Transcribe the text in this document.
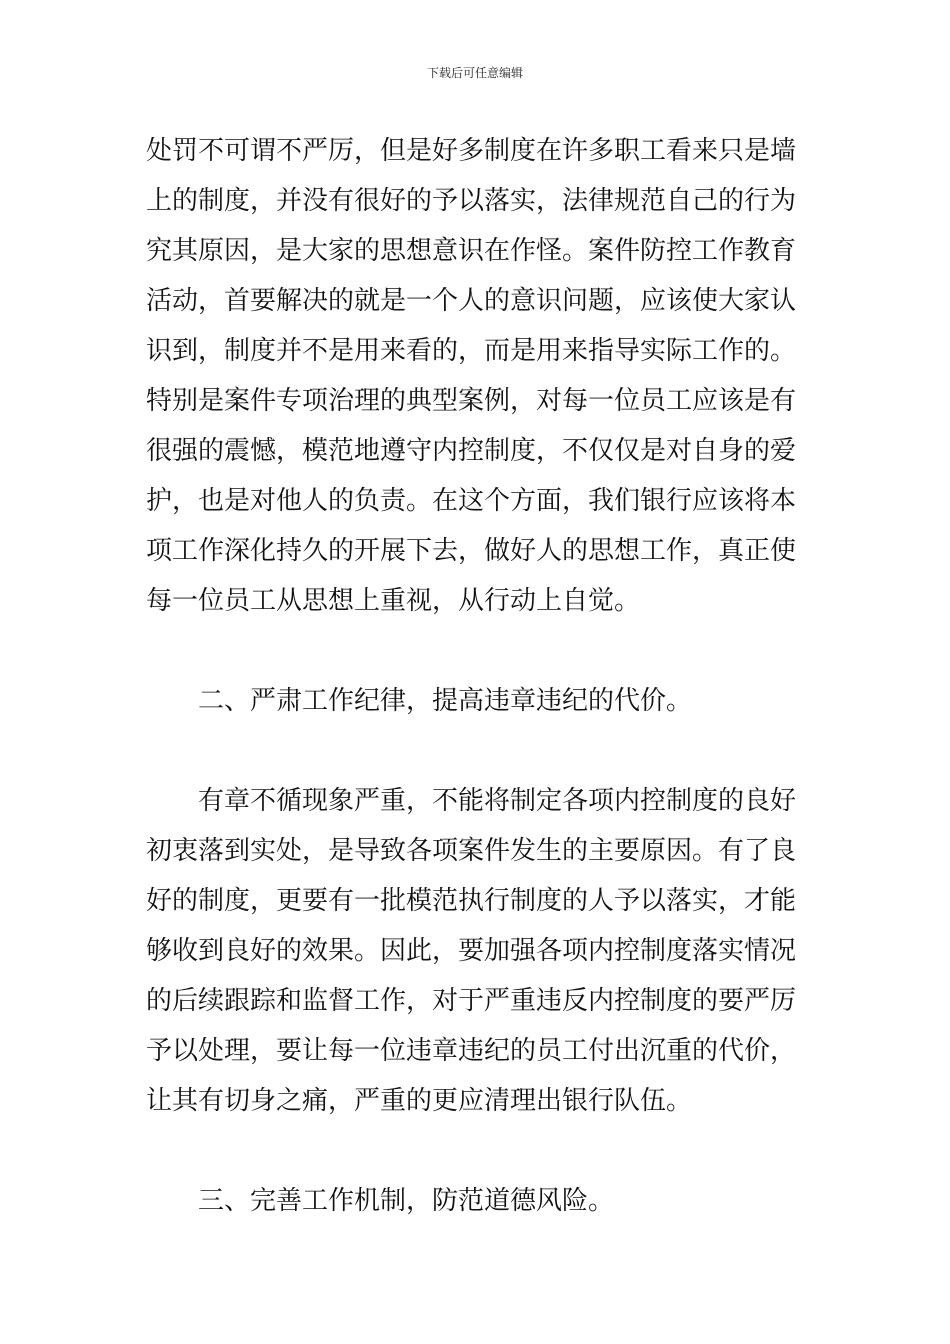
下载后可任意编辑
处罚不可谓不严厉，但是好多制度在许多职工看来只是墙
上的制度，并没有很好的予以落实，法律规范自己的行为
究其原因，是大家的思想意识在作怪。案件防控工作教育
活动，首要解决的就是一个人的意识问题，应该使大家认
识到，制度并不是用来看的，而是用来指导实际工作的。
特别是案件专项治理的典型案例，对每一位员工应该是有
很强的震憾，模范地遵守内控制度，不仅仅是对自身的爱
护，也是对他人的负责。在这个方面，我们银行应该将本
项工作深化持久的开展下去，做好人的思想工作，真正使
每一位员工从思想上重视，从行动上自觉。
二、严肃工作纪律，提高违章违纪的代价。
有章不循现象严重，不能将制定各项内控制度的良好
初衷落到实处，是导致各项案件发生的主要原因。有了良
好的制度，更要有一批模范执行制度的人予以落实，才能
够收到良好的效果。因此，要加强各项内控制度落实情况
的后续跟踪和监督工作，对于严重违反内控制度的要严厉
予以处理，要让每一位违章违纪的员工付出沉重的代价，
让其有切身之痛，严重的更应清理出银行队伍。
三、完善工作机制，防范道德风险。
